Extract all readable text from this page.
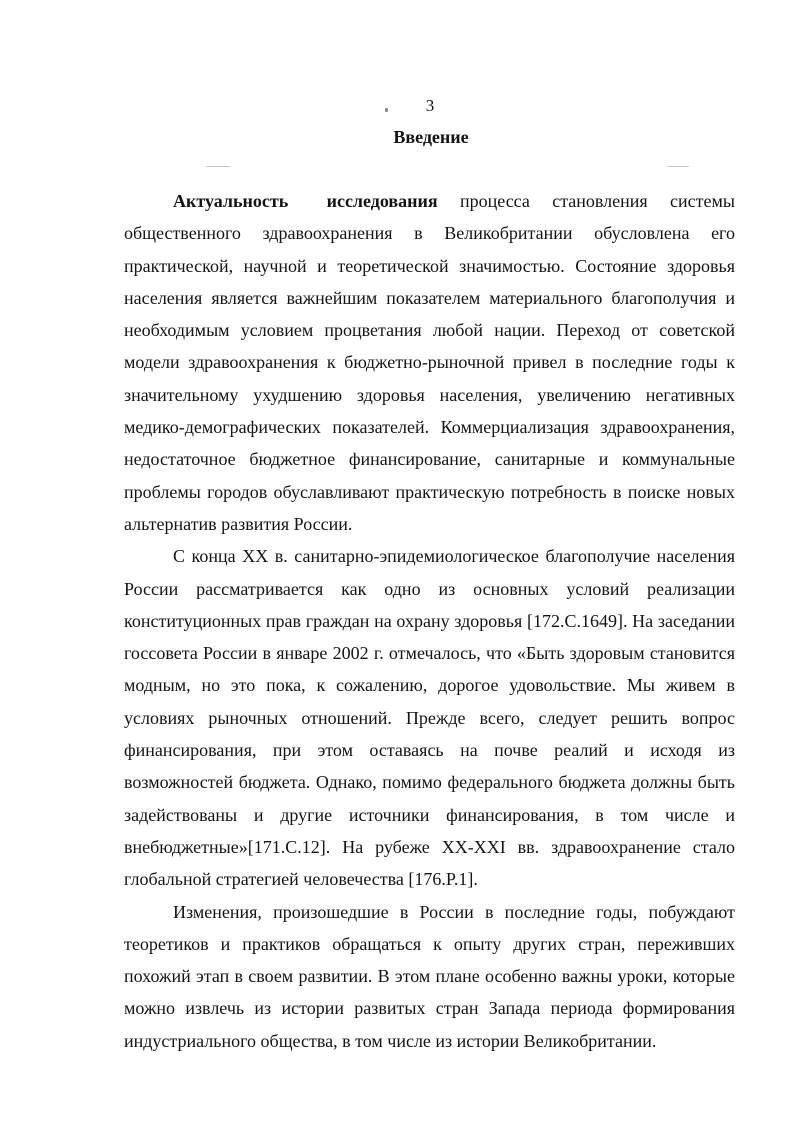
3
Введение

Актуальность исследования процесса становления системы общественного здравоохранения в Великобритании обусловлена его практической, научной и теоретической значимостью. Состояние здоровья населения является важнейшим показателем материального благополучия и необходимым условием процветания любой нации. Переход от советской модели здравоохранения к бюджетно-рыночной привел в последние годы к значительному ухудшению здоровья населения, увеличению негативных медико-демографических показателей. Коммерциализация здравоохранения, недостаточное бюджетное финансирование, санитарные и коммунальные проблемы городов обуславливают практическую потребность в поиске новых альтернатив развития России.

С конца XX в. санитарно-эпидемиологическое благополучие населения России рассматривается как одно из основных условий реализации конституционных прав граждан на охрану здоровья [172.С.1649]. На заседании госсовета России в январе 2002 г. отмечалось, что «Быть здоровым становится модным, но это пока, к сожалению, дорогое удовольствие. Мы живем в условиях рыночных отношений. Прежде всего, следует решить вопрос финансирования, при этом оставаясь на почве реалий и исходя из возможностей бюджета. Однако, помимо федерального бюджета должны быть задействованы и другие источники финансирования, в том числе и внебюджетные»[171.С.12]. На рубеже XX-XXI вв. здравоохранение стало глобальной стратегией человечества [176.P.1].

Изменения, произошедшие в России в последние годы, побуждают теоретиков и практиков обращаться к опыту других стран, переживших похожий этап в своем развитии. В этом плане особенно важны уроки, которые можно извлечь из истории развитых стран Запада периода формирования индустриального общества, в том числе из истории Великобритании.
